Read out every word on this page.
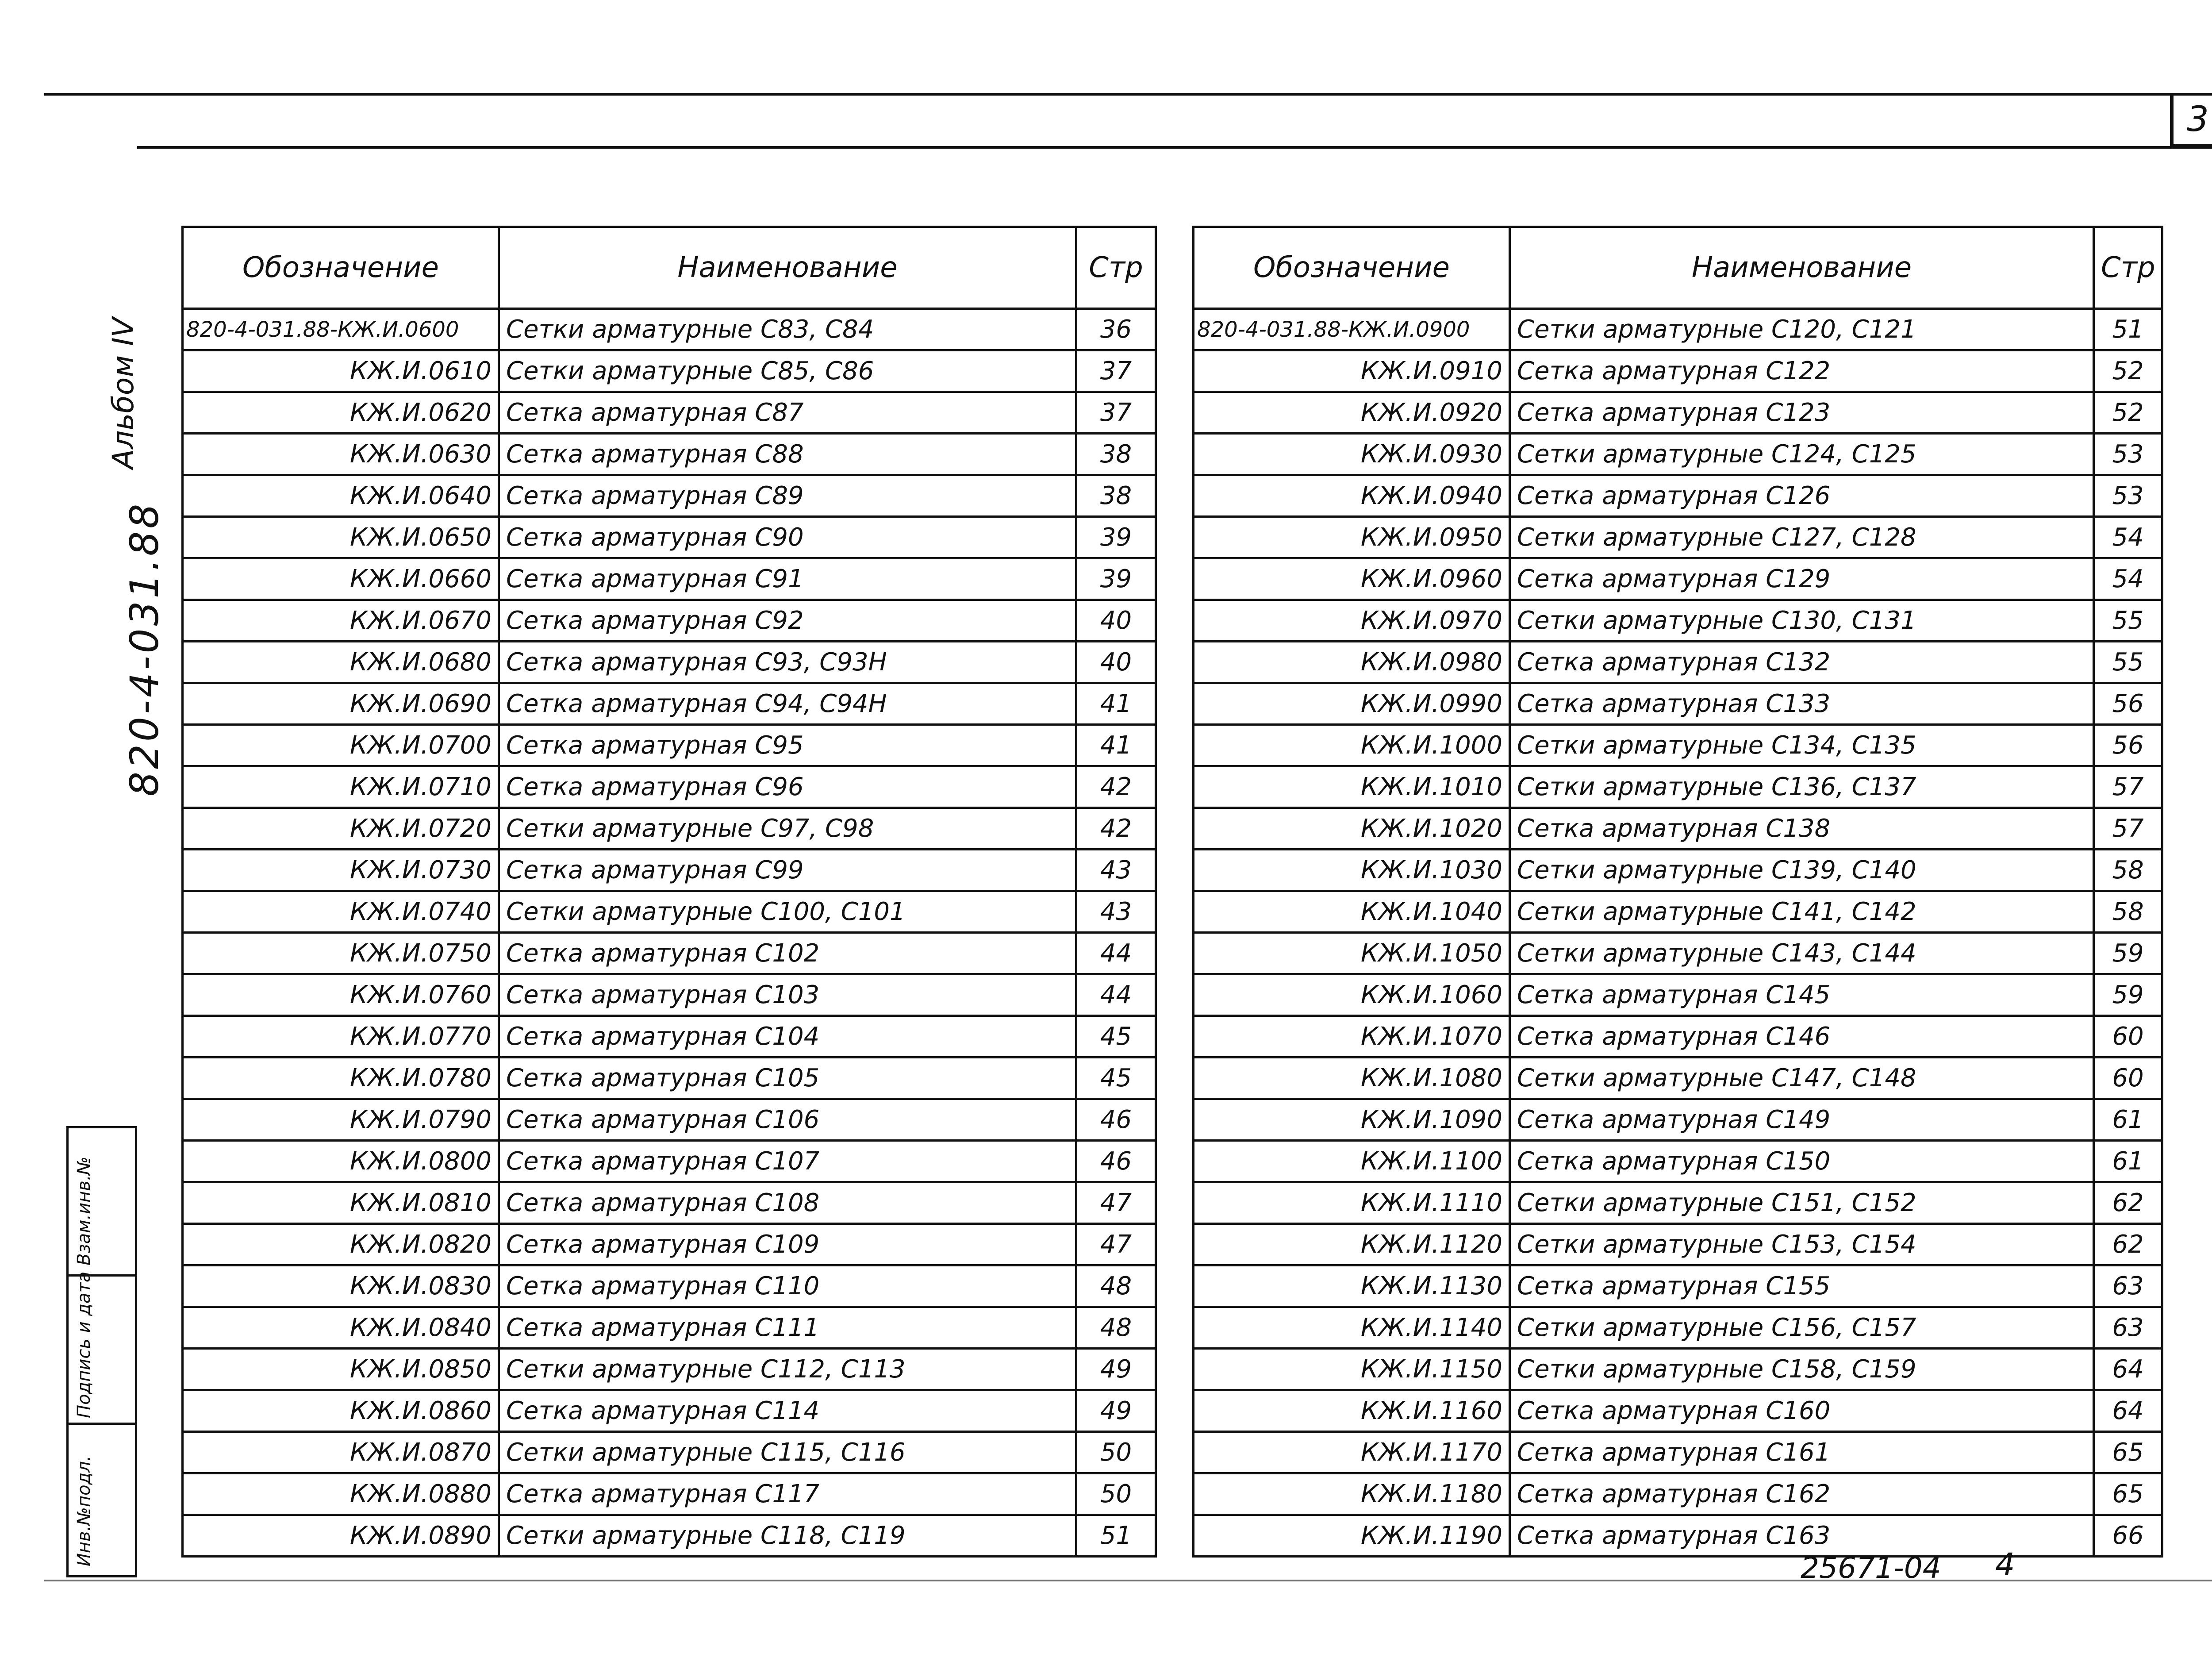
3
Альбом IV
820-4-031.88
Взам.инв.№
Подпись и дата
Инв.№подл.
Обозначение	Наименование	Стр
820-4-031.88-КЖ.И.0600	Сетки арматурные С83, С84	36
КЖ.И.0610	Сетки арматурные С85, С86	37
КЖ.И.0620	Сетка арматурная С87	37
КЖ.И.0630	Сетка арматурная С88	38
КЖ.И.0640	Сетка арматурная С89	38
КЖ.И.0650	Сетка арматурная С90	39
КЖ.И.0660	Сетка арматурная С91	39
КЖ.И.0670	Сетка арматурная С92	40
КЖ.И.0680	Сетка арматурная С93, С93Н	40
КЖ.И.0690	Сетка арматурная С94, С94Н	41
КЖ.И.0700	Сетка арматурная С95	41
КЖ.И.0710	Сетка арматурная С96	42
КЖ.И.0720	Сетки арматурные С97, С98	42
КЖ.И.0730	Сетка арматурная С99	43
КЖ.И.0740	Сетки арматурные С100, С101	43
КЖ.И.0750	Сетка арматурная С102	44
КЖ.И.0760	Сетка арматурная С103	44
КЖ.И.0770	Сетка арматурная С104	45
КЖ.И.0780	Сетка арматурная С105	45
КЖ.И.0790	Сетка арматурная С106	46
КЖ.И.0800	Сетка арматурная С107	46
КЖ.И.0810	Сетка арматурная С108	47
КЖ.И.0820	Сетка арматурная С109	47
КЖ.И.0830	Сетка арматурная С110	48
КЖ.И.0840	Сетка арматурная С111	48
КЖ.И.0850	Сетки арматурные С112, С113	49
КЖ.И.0860	Сетка арматурная С114	49
КЖ.И.0870	Сетки арматурные С115, С116	50
КЖ.И.0880	Сетка арматурная С117	50
КЖ.И.0890	Сетки арматурные С118, С119	51
Обозначение	Наименование	Стр
820-4-031.88-КЖ.И.0900	Сетки арматурные С120, С121	51
КЖ.И.0910	Сетка арматурная С122	52
КЖ.И.0920	Сетка арматурная С123	52
КЖ.И.0930	Сетки арматурные С124, С125	53
КЖ.И.0940	Сетка арматурная С126	53
КЖ.И.0950	Сетки арматурные С127, С128	54
КЖ.И.0960	Сетка арматурная С129	54
КЖ.И.0970	Сетки арматурные С130, С131	55
КЖ.И.0980	Сетка арматурная С132	55
КЖ.И.0990	Сетка арматурная С133	56
КЖ.И.1000	Сетки арматурные С134, С135	56
КЖ.И.1010	Сетки арматурные С136, С137	57
КЖ.И.1020	Сетка арматурная С138	57
КЖ.И.1030	Сетки арматурные С139, С140	58
КЖ.И.1040	Сетки арматурные С141, С142	58
КЖ.И.1050	Сетки арматурные С143, С144	59
КЖ.И.1060	Сетка арматурная С145	59
КЖ.И.1070	Сетка арматурная С146	60
КЖ.И.1080	Сетки арматурные С147, С148	60
КЖ.И.1090	Сетка арматурная С149	61
КЖ.И.1100	Сетка арматурная С150	61
КЖ.И.1110	Сетки арматурные С151, С152	62
КЖ.И.1120	Сетки арматурные С153, С154	62
КЖ.И.1130	Сетка арматурная С155	63
КЖ.И.1140	Сетки арматурные С156, С157	63
КЖ.И.1150	Сетки арматурные С158, С159	64
КЖ.И.1160	Сетка арматурная С160	64
КЖ.И.1170	Сетка арматурная С161	65
КЖ.И.1180	Сетка арматурная С162	65
КЖ.И.1190	Сетка арматурная С163	66
25671-04 4
